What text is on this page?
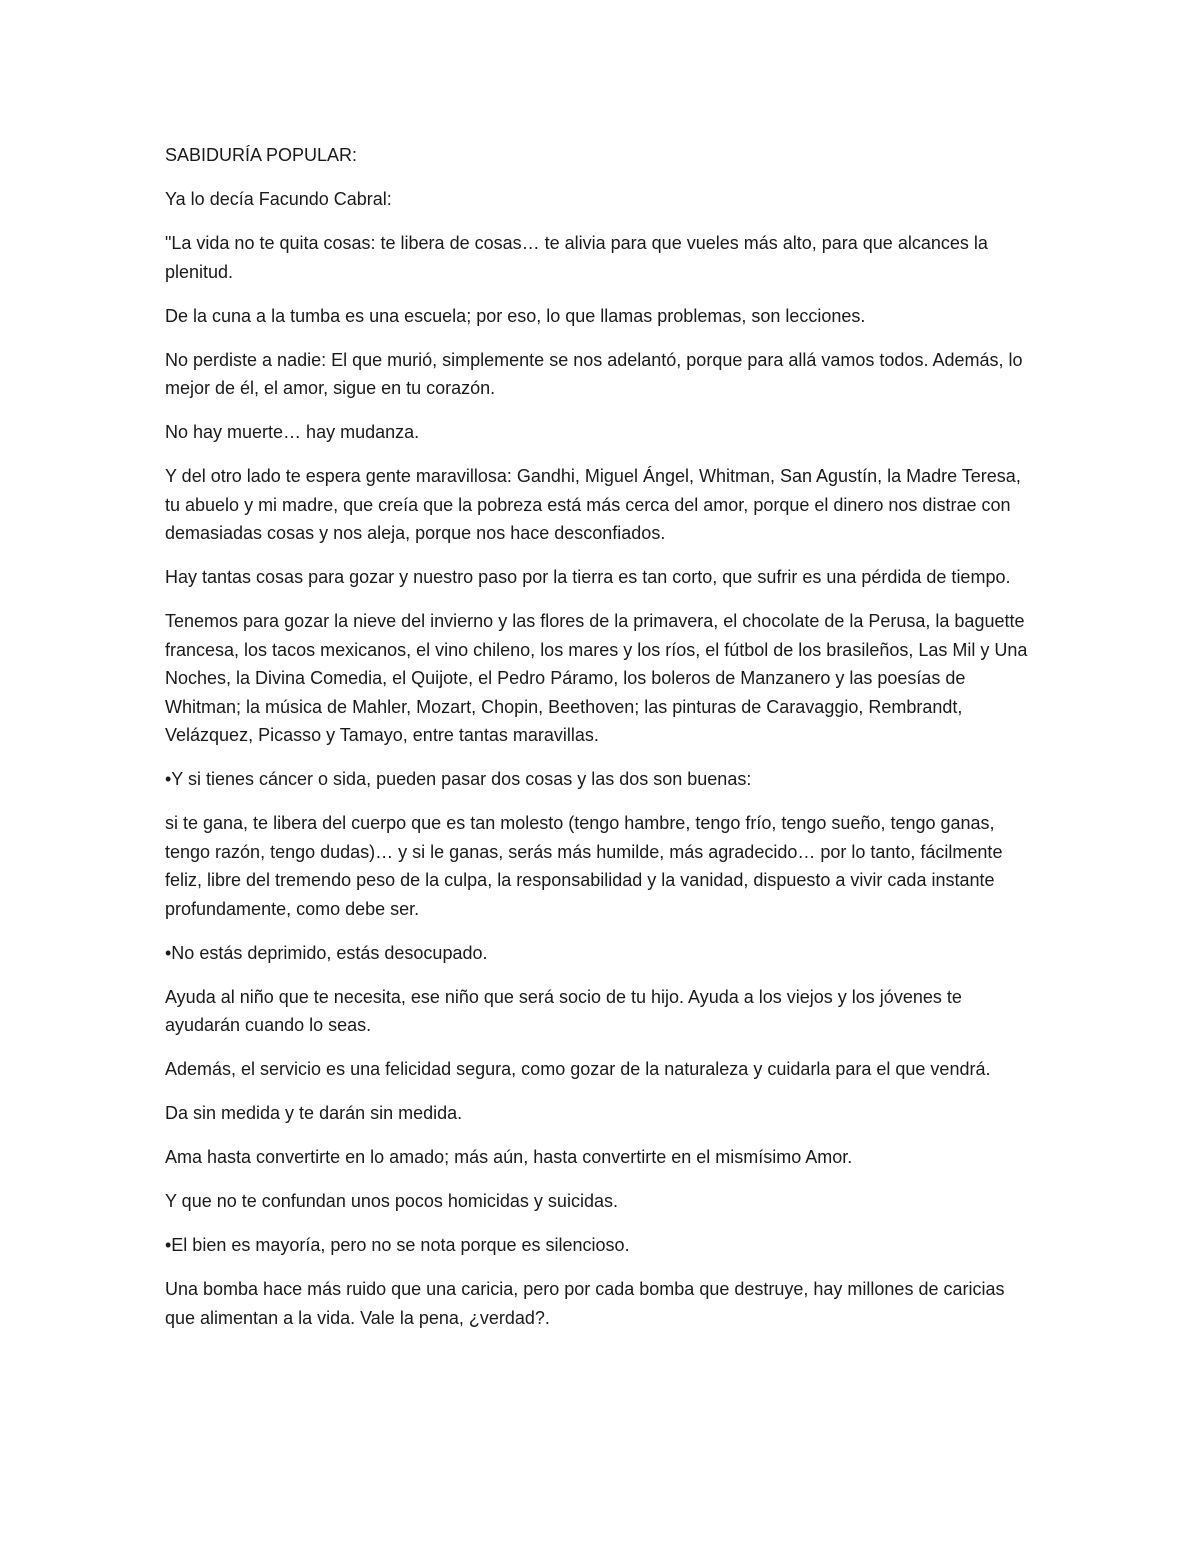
SABIDURÍA POPULAR:

Ya lo decía Facundo Cabral:

"La vida no te quita cosas: te libera de cosas… te alivia para que vueles más alto, para que alcances la plenitud.

De la cuna a la tumba es una escuela; por eso, lo que llamas problemas, son lecciones.

No perdiste a nadie: El que murió, simplemente se nos adelantó, porque para allá vamos todos. Además, lo mejor de él, el amor, sigue en tu corazón.

No hay muerte… hay mudanza.

Y del otro lado te espera gente maravillosa: Gandhi, Miguel Ángel, Whitman, San Agustín, la Madre Teresa, tu abuelo y mi madre, que creía que la pobreza está más cerca del amor, porque el dinero nos distrae con demasiadas cosas y nos aleja, porque nos hace desconfiados.

Hay tantas cosas para gozar y nuestro paso por la tierra es tan corto, que sufrir es una pérdida de tiempo.

Tenemos para gozar la nieve del invierno y las flores de la primavera, el chocolate de la Perusa, la baguette francesa, los tacos mexicanos, el vino chileno, los mares y los ríos, el fútbol de los brasileños, Las Mil y Una Noches, la Divina Comedia, el Quijote, el Pedro Páramo, los boleros de Manzanero y las poesías de Whitman; la música de Mahler, Mozart, Chopin, Beethoven; las pinturas de Caravaggio, Rembrandt, Velázquez, Picasso y Tamayo, entre tantas maravillas.

•Y si tienes cáncer o sida, pueden pasar dos cosas y las dos son buenas:

si te gana, te libera del cuerpo que es tan molesto (tengo hambre, tengo frío, tengo sueño, tengo ganas, tengo razón, tengo dudas)… y si le ganas, serás más humilde, más agradecido… por lo tanto, fácilmente feliz, libre del tremendo peso de la culpa, la responsabilidad y la vanidad, dispuesto a vivir cada instante profundamente, como debe ser.

•No estás deprimido, estás desocupado.

Ayuda al niño que te necesita, ese niño que será socio de tu hijo. Ayuda a los viejos y los jóvenes te ayudarán cuando lo seas.

Además, el servicio es una felicidad segura, como gozar de la naturaleza y cuidarla para el que vendrá.

Da sin medida y te darán sin medida.

Ama hasta convertirte en lo amado; más aún, hasta convertirte en el mismísimo Amor.

Y que no te confundan unos pocos homicidas y suicidas.

•El bien es mayoría, pero no se nota porque es silencioso.

Una bomba hace más ruido que una caricia, pero por cada bomba que destruye, hay millones de caricias que alimentan a la vida. Vale la pena, ¿verdad?.
